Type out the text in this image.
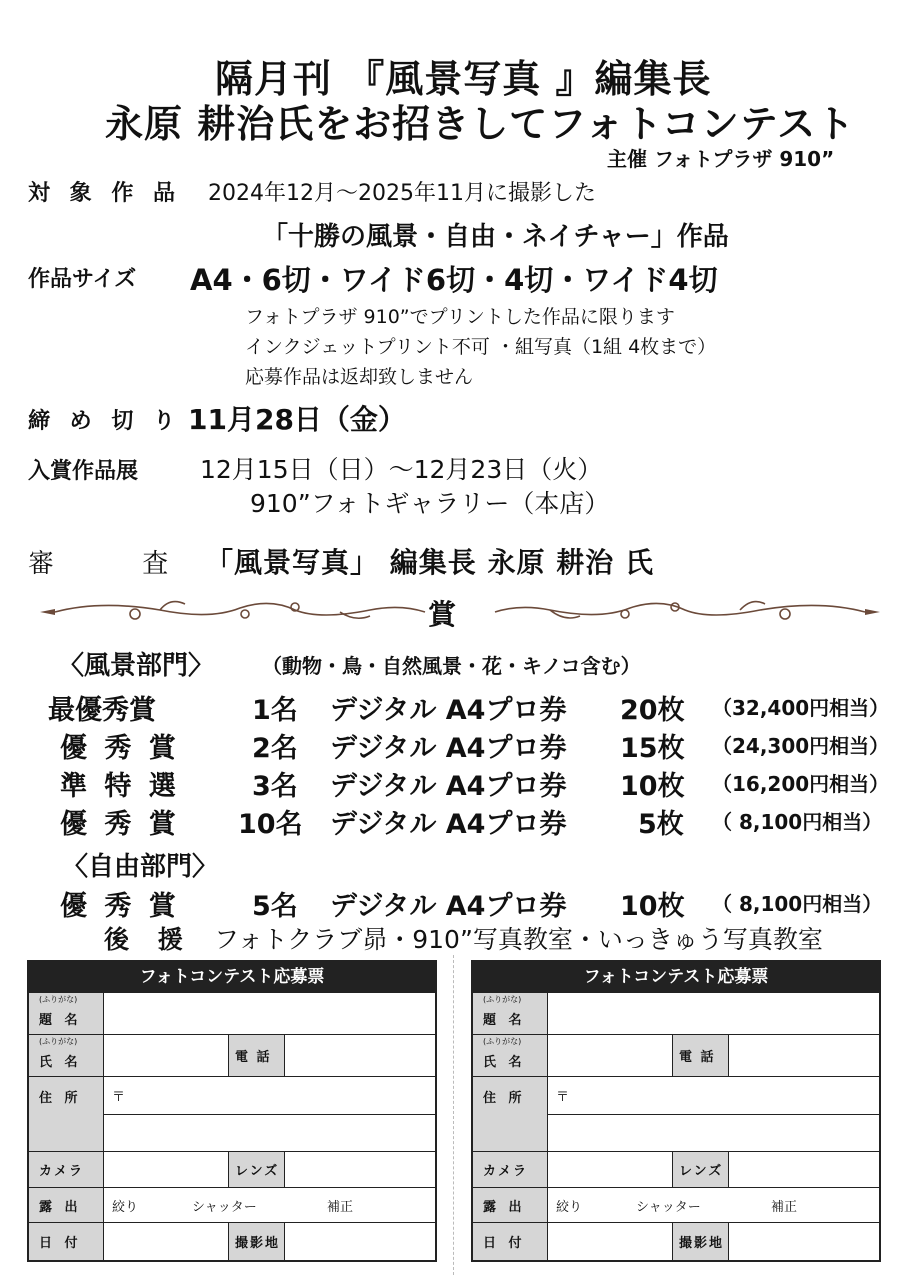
隔月刊 『風景写真 』編集長
永原 耕治氏をお招きしてフォトコンテスト
主催 フォトプラザ 910”
対 象 作 品 2024年12月～2025年11月に撮影した
「十勝の風景・自由・ネイチャー」作品
作品サイズ A4・6切・ワイド6切・4切・ワイド4切
フォトプラザ 910”でプリントした作品に限ります
インクジェットプリント不可 ・組写真（1組 4枚まで）
応募作品は返却致しません
締 め 切 り 11月28日（金）
入賞作品展 12月15日（日）～12月23日（火）
910”フォトギャラリー（本店）
審 査
「風景写真」 編集長 永原 耕治 氏
賞
〈風景部門〉 （動物・鳥・自然風景・花・キノコ含む）
最優秀賞	1名 デジタル A4プロ券 20枚 （32,400円相当）
優 秀 賞	2名 デジタル A4プロ券 15枚 （24,300円相当）
準 特 選	3名 デジタル A4プロ券 10枚 （16,200円相当）
優 秀 賞 10名 デジタル A4プロ券	5枚 （ 8,100円相当）
〈自由部門〉
優 秀 賞	5名 デジタル A4プロ券 10枚 （ 8,100円相当）
後 援 フォトクラブ昴・910”写真教室・いっきゅう写真教室
フォトコンテスト応募票
(ふりがな)
題 名
(ふりがな)
氏 名	電 話
住 所	〒
カメラ	レンズ
露 出	絞り	シャッター	補正
日 付	撮影地
フォトコンテスト応募票
(ふりがな)
題 名
(ふりがな)
氏 名	電 話
住 所	〒
カメラ	レンズ
露 出	絞り	シャッター	補正
日 付	撮影地
